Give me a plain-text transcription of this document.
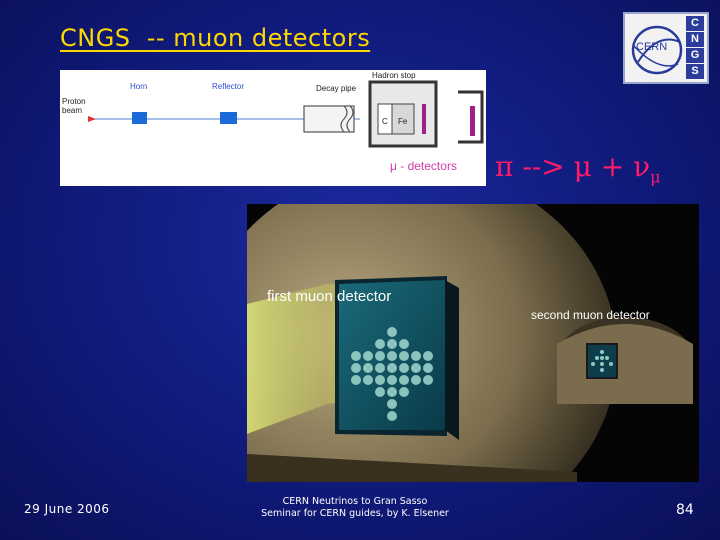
CNGS  -- muon detectors	CERN
C
N
G
S
Proton
beam
Horn	Reflector	Decay pipe
Hadron stop
C Fe
μ - detectors π --> $\mu + \nu_\mu$
first muon detector
second muon detector
29 June 2006
CERN Neutrinos to Gran Sasso
Seminar for CERN guides, by K. Elsener	84
